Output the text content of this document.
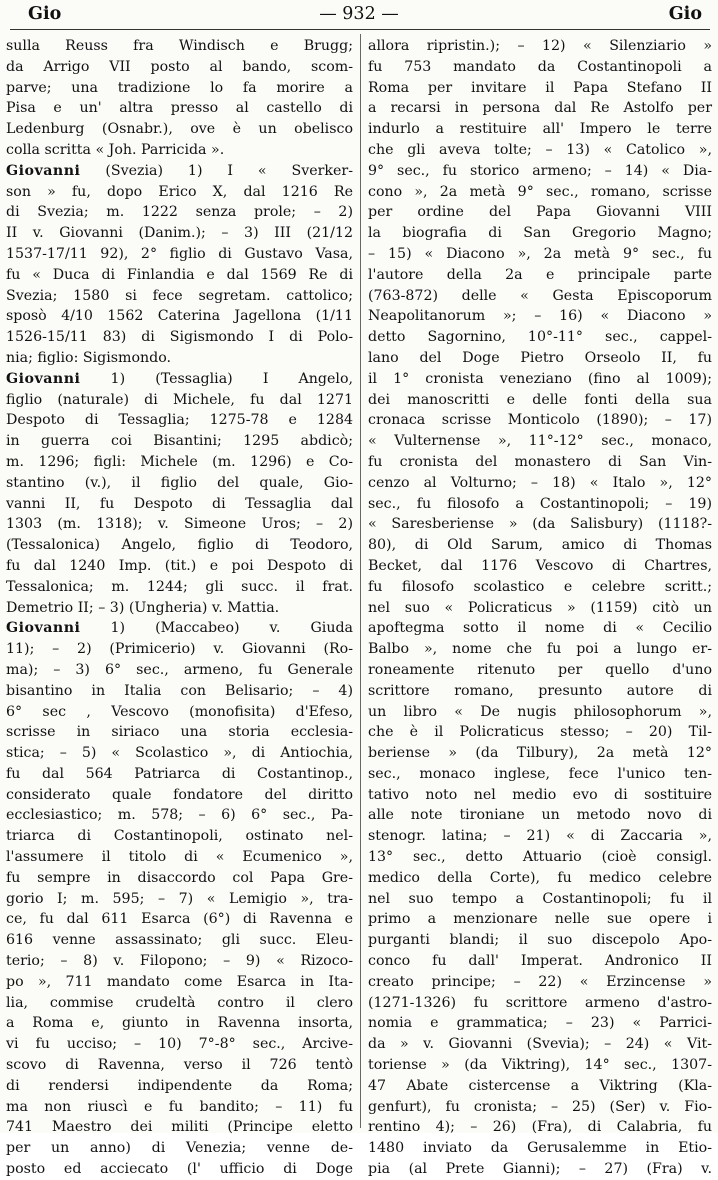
Gio	— 932 —	Gio
sulla Reuss fra Windisch e Brugg;
da Arrigo VII posto al bando, scom-
parve; una tradizione lo fa morire a
Pisa e un' altra presso al castello di
Ledenburg (Osnabr.), ove è un obelisco
colla scritta « Joh. Parricida ».
Giovanni (Svezia) 1) I « Sverker-
son » fu, dopo Erico X, dal 1216 Re
di Svezia; m. 1222 senza prole; – 2)
II v. Giovanni (Danim.); – 3) III (21/12
1537-17/11 92), 2° figlio di Gustavo Vasa,
fu « Duca di Finlandia e dal 1569 Re di
Svezia; 1580 si fece segretam. cattolico;
sposò 4/10 1562 Caterina Jagellona (1/11
1526-15/11 83) di Sigismondo I di Polo-
nia; figlio: Sigismondo.
Giovanni 1) (Tessaglia) I Angelo,
figlio (naturale) di Michele, fu dal 1271
Despoto di Tessaglia; 1275-78 e 1284
in guerra coi Bisantini; 1295 abdicò;
m. 1296; figli: Michele (m. 1296) e Co-
stantino (v.), il figlio del quale, Gio-
vanni II, fu Despoto di Tessaglia dal
1303 (m. 1318); v. Simeone Uros; – 2)
(Tessalonica) Angelo, figlio di Teodoro,
fu dal 1240 Imp. (tit.) e poi Despoto di
Tessalonica; m. 1244; gli succ. il frat.
Demetrio II; – 3) (Ungheria) v. Mattia.
Giovanni 1) (Maccabeo) v. Giuda
11); – 2) (Primicerio) v. Giovanni (Ro-
ma); – 3) 6° sec., armeno, fu Generale
bisantino in Italia con Belisario; – 4)
6° sec , Vescovo (monofisita) d'Efeso,
scrisse in siriaco una storia ecclesia-
stica; – 5) « Scolastico », di Antiochia,
fu dal 564 Patriarca di Costantinop.,
considerato quale fondatore del diritto
ecclesiastico; m. 578; – 6) 6° sec., Pa-
triarca di Costantinopoli, ostinato nel-
l'assumere il titolo di « Ecumenico »,
fu sempre in disaccordo col Papa Gre-
gorio I; m. 595; – 7) « Lemigio », tra-
ce, fu dal 611 Esarca (6°) di Ravenna e
616 venne assassinato; gli succ. Eleu-
terio; – 8) v. Filopono; – 9) « Rizoco-
po », 711 mandato come Esarca in Ita-
lia, commise crudeltà contro il clero
a Roma e, giunto in Ravenna insorta,
vi fu ucciso; – 10) 7°-8° sec., Arcive-
scovo di Ravenna, verso il 726 tentò
di rendersi indipendente da Roma;
ma non riuscì e fu bandito; – 11) fu
741 Maestro dei militi (Principe eletto
per un anno) di Venezia; venne de-
posto ed acciecato (l' ufficio di Doge
allora ripristin.); – 12) « Silenziario »
fu 753 mandato da Costantinopoli a
Roma per invitare il Papa Stefano II
a recarsi in persona dal Re Astolfo per
indurlo a restituire all' Impero le terre
che gli aveva tolte; – 13) « Catolico »,
9° sec., fu storico armeno; – 14) « Dia-
cono », 2a metà 9° sec., romano, scrisse
per ordine del Papa Giovanni VIII
la biografia di San Gregorio Magno;
– 15) « Diacono », 2a metà 9° sec., fu
l'autore della 2a e principale parte
(763-872) delle « Gesta Episcoporum
Neapolitanorum »; – 16) « Diacono »
detto Sagornino, 10°-11° sec., cappel-
lano del Doge Pietro Orseolo II, fu
il 1° cronista veneziano (fino al 1009);
dei manoscritti e delle fonti della sua
cronaca scrisse Monticolo (1890); – 17)
« Vulternense », 11°-12° sec., monaco,
fu cronista del monastero di San Vin-
cenzo al Volturno; – 18) « Italo », 12°
sec., fu filosofo a Costantinopoli; – 19)
« Saresberiense » (da Salisbury) (1118?-
80), di Old Sarum, amico di Thomas
Becket, dal 1176 Vescovo di Chartres,
fu filosofo scolastico e celebre scritt.;
nel suo « Policraticus » (1159) citò un
apoftegma sotto il nome di « Cecilio
Balbo », nome che fu poi a lungo er-
roneamente ritenuto per quello d'uno
scrittore romano, presunto autore di
un libro « De nugis philosophorum »,
che è il Policraticus stesso; – 20) Til-
beriense » (da Tilbury), 2a metà 12°
sec., monaco inglese, fece l'unico ten-
tativo noto nel medio evo di sostituire
alle note tironiane un metodo novo di
stenogr. latina; – 21) « di Zaccaria »,
13° sec., detto Attuario (cioè consigl.
medico della Corte), fu medico celebre
nel suo tempo a Costantinopoli; fu il
primo a menzionare nelle sue opere i
purganti blandi; il suo discepolo Apo-
conco fu dall' Imperat. Andronico II
creato principe; – 22) « Erzincense »
(1271-1326) fu scrittore armeno d'astro-
nomia e grammatica; – 23) « Parrici-
da » v. Giovanni (Svevia); – 24) « Vit-
toriense » (da Viktring), 14° sec., 1307-
47 Abate cistercense a Viktring (Kla-
genfurt), fu cronista; – 25) (Ser) v. Fio-
rentino 4); – 26) (Fra), di Calabria, fu
1480 inviato da Gerusalemme in Etio-
pia (al Prete Gianni); – 27) (Fra) v.
